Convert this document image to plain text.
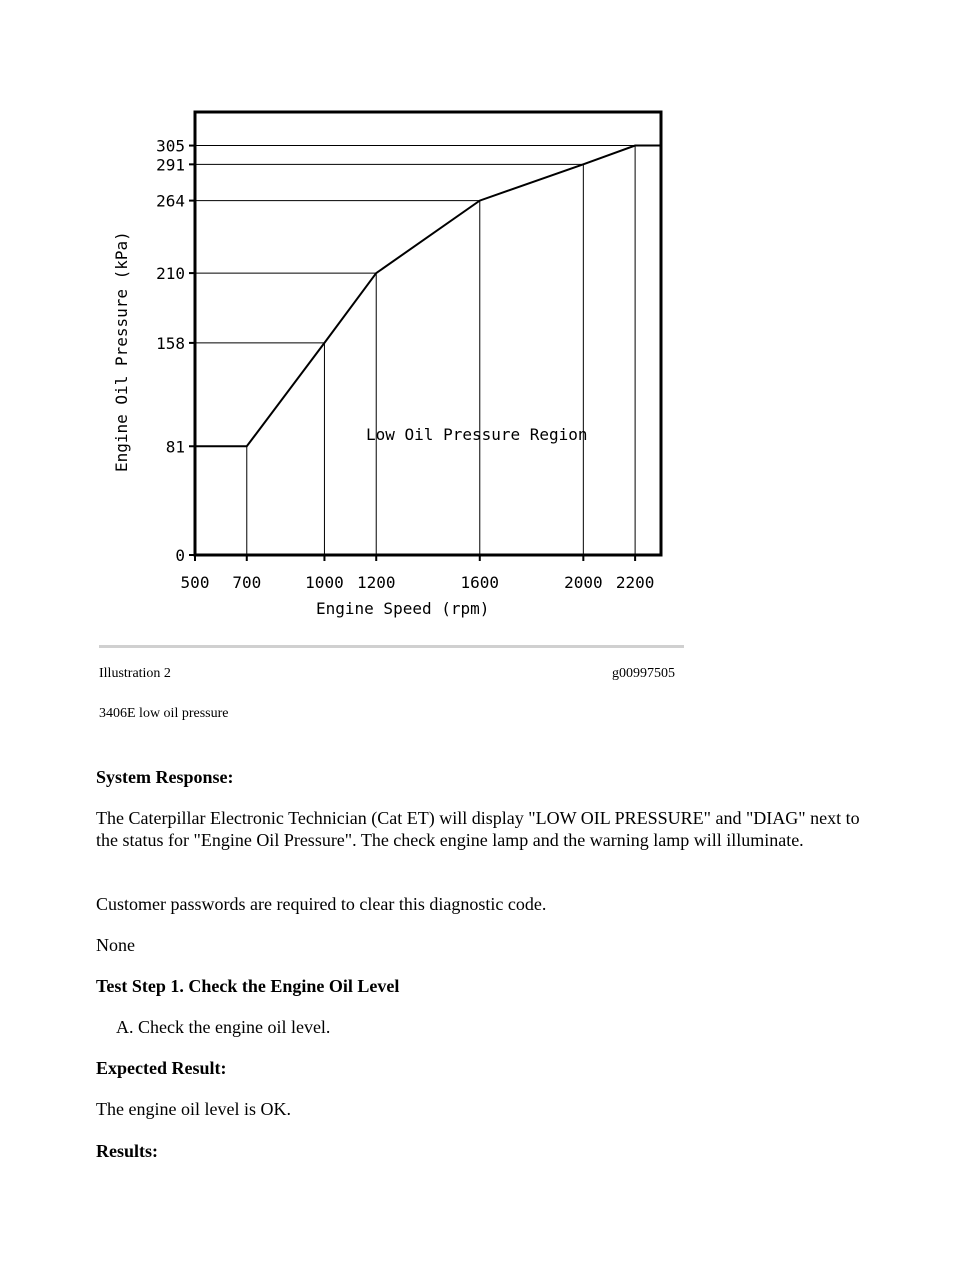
500 700	1000 1200	1600	2000 2200
0
81
158
210
264
291
305
Low Oil Pressure Region
Engine Speed (rpm)
Engine Oil Pressure (kPa)
Illustration 2	g00997505
3406E low oil pressure
System Response:
The Caterpillar Electronic Technician (Cat ET) will display "LOW OIL PRESSURE" and "DIAG" next to the status for "Engine Oil Pressure". The check engine lamp and the warning lamp will illuminate.
Customer passwords are required to clear this diagnostic code.
None
Test Step 1. Check the Engine Oil Level
A. Check the engine oil level.
Expected Result:
The engine oil level is OK.
Results:
